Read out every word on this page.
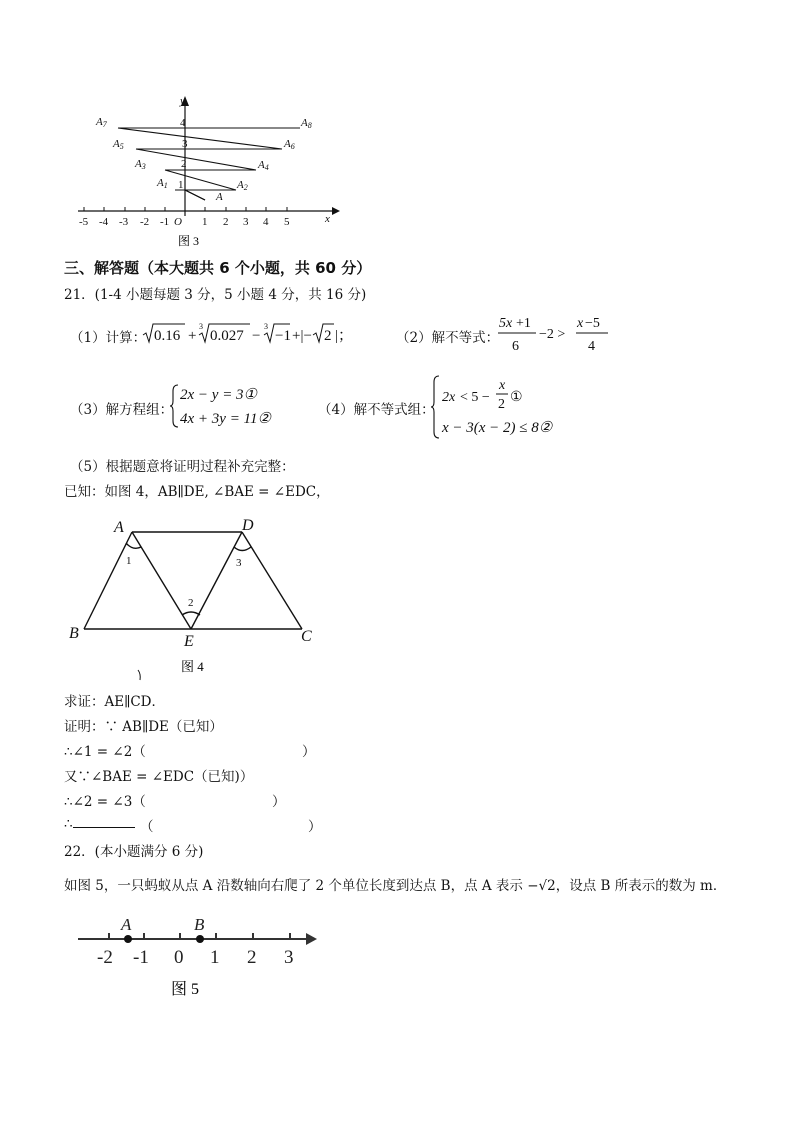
-5 -4 -3 -2 -1 O 1 2 3 4 5	x
y
1
2
3
4
A
A1	A2
A3	A4
A5	A6
A7	A8
图 3
三、解答题（本大题共 6 个小题，共 60 分）
21．(1-4 小题每题 3 分，5 小题 4 分，共 16 分)
（1）计算： 0.16 +
3
0.027 −
3
−1 +|− 2 |；	（2）解不等式：
5x +1
6
−2 >
x −5
4
（3）解方程组：
2x − y = 3①
4x + 3y = 11②
（4）解不等式组：
2x < 5 −
x
2 ①
x − 3(x − 2) ≤ 8②
（5）根据题意将证明过程补充完整：
已知：如图 4，AB∥DE, ∠BAE = ∠EDC，
A	D
B	E	C
1
2
3
图 4
求证：AE∥CD．
证明：∵ AB∥DE（已知）
∴∠1 = ∠2（	）
又∵∠BAE = ∠EDC（已知)）
∴∠2 = ∠3（	）
∴	（	）
22．(本小题满分 6 分)
如图 5，一只蚂蚁从点 A 沿数轴向右爬了 2 个单位长度到达点 B，点 A 表示 −√2，设点 B 所表示的数为 m．
A	B
-2 -1 0 1 2 3
图 5
